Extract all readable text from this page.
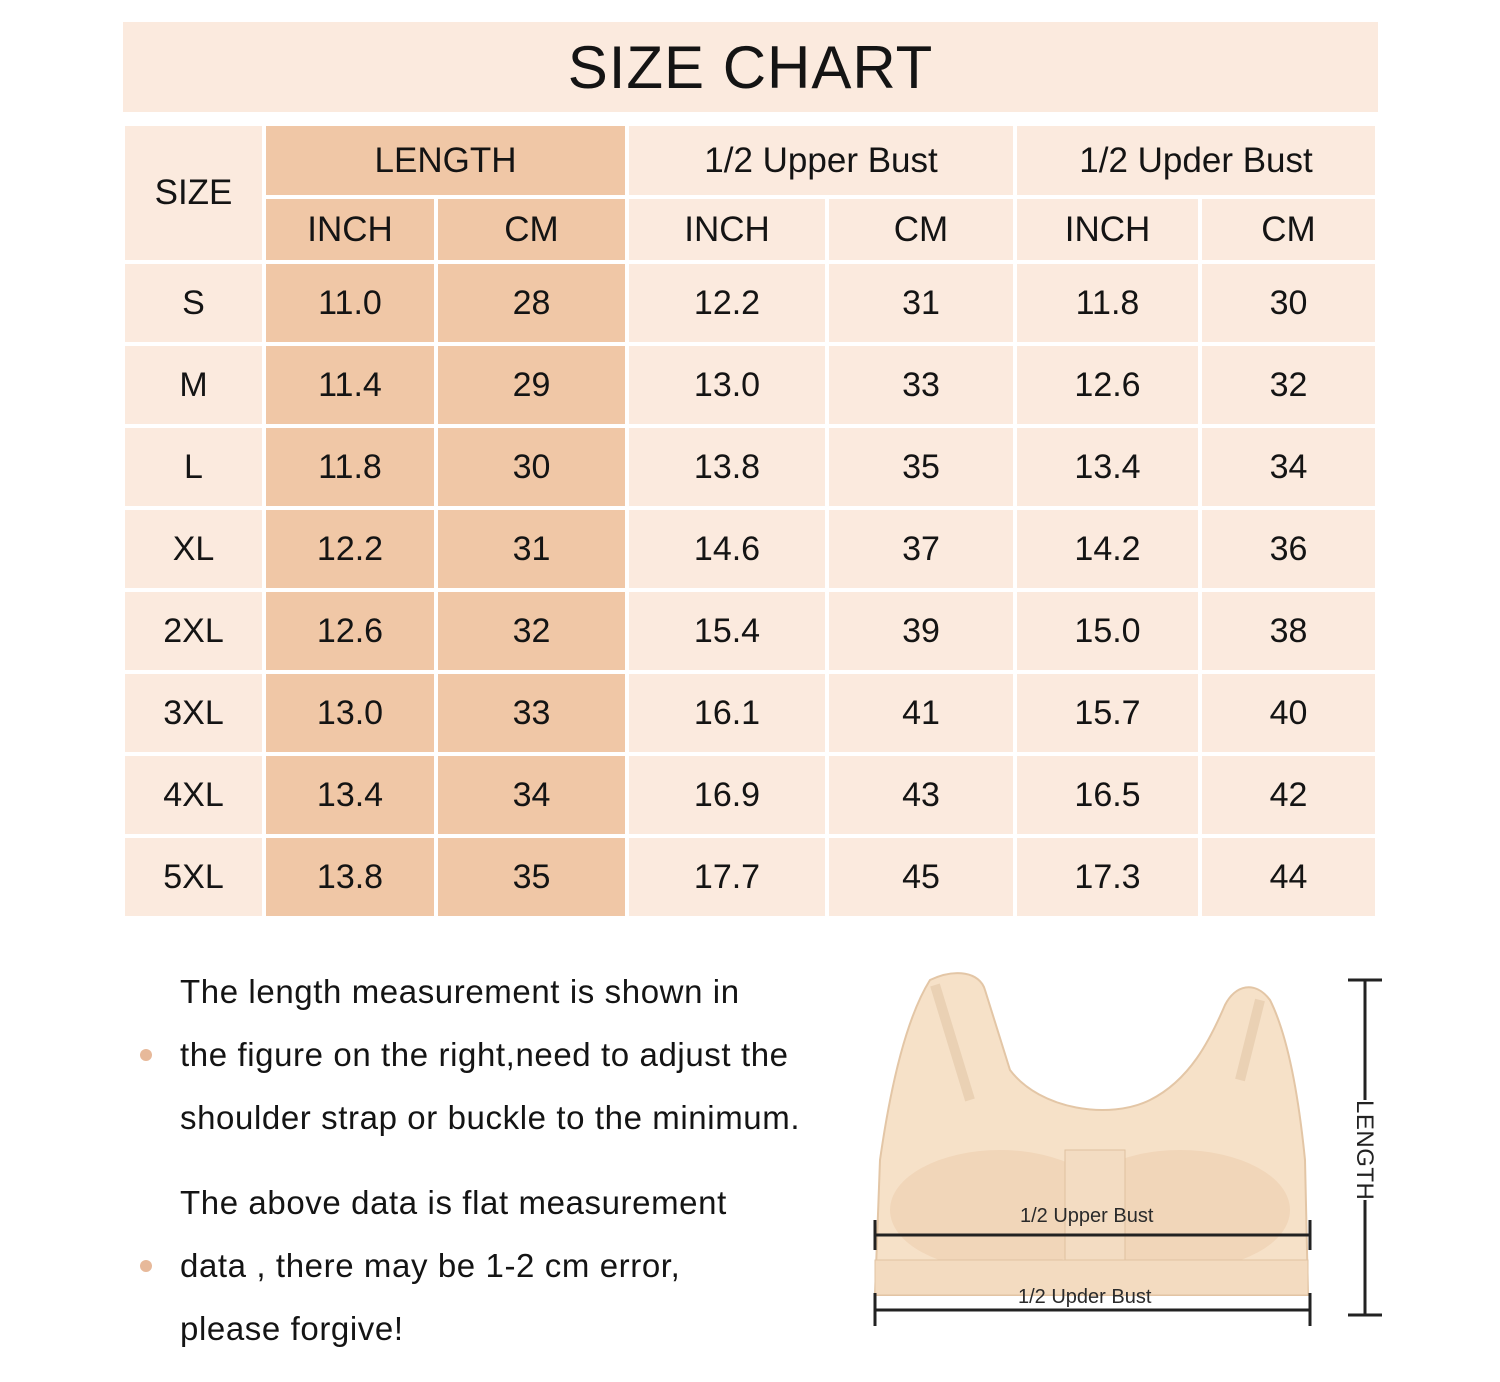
SIZE CHART
SIZE	LENGTH		1/2 Upper Bust		1/2 Upder Bust	
	INCH	CM	INCH	CM	INCH	CM
S	11.0	28	12.2	31	11.8	30
M	11.4	29	13.0	33	12.6	32
L	11.8	30	13.8	35	13.4	34
XL	12.2	31	14.6	37	14.2	36
2XL	12.6	32	15.4	39	15.0	38
3XL	13.0	33	16.1	41	15.7	40
4XL	13.4	34	16.9	43	16.5	42
5XL	13.8	35	17.7	45	17.3	44
The length measurement is shown in
the figure on the right,need to adjust the
shoulder strap or buckle to the minimum.
The above data is flat measurement
data , there may be 1-2 cm error,
please forgive!
1/2 Upper Bust
1/2 Upder Bust
LENGTH
